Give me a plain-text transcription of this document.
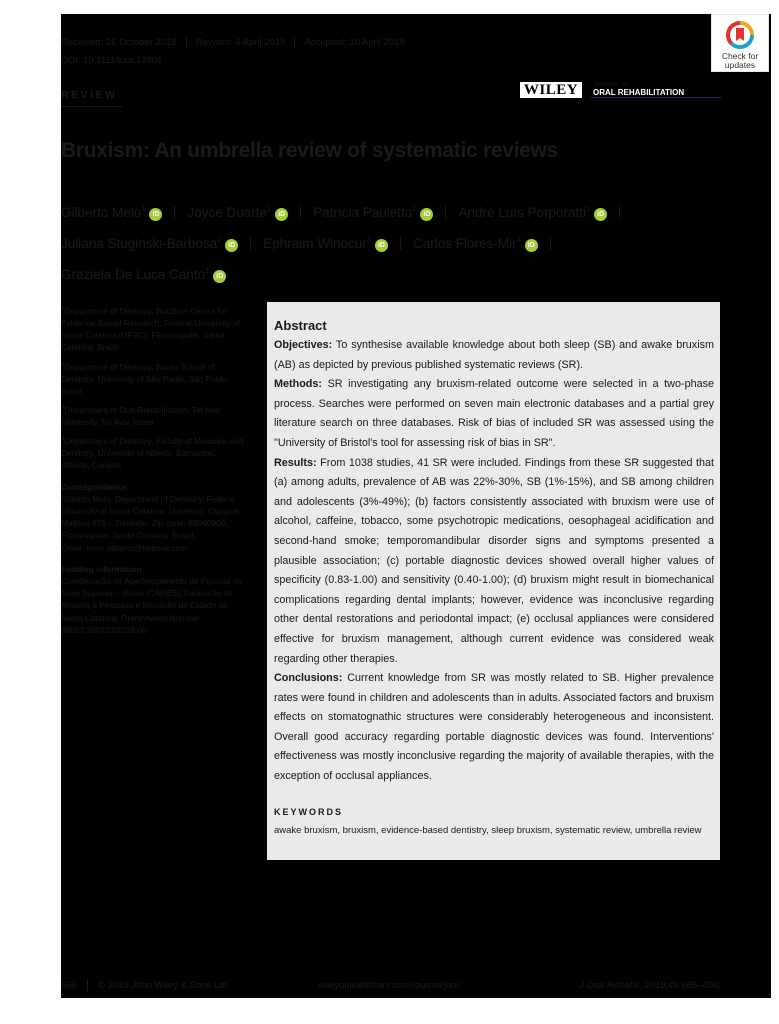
Received: 16 October 2018 Revised: 4 April 2019 Accepted: 10 April 2019
DOI: 10.1111/joor.12801
REVIEW	WILEY	JOURNAL OF
ORAL REHABILITATION
Bruxism: An umbrella review of systematic reviews
Gilberto Melo$^1$iD Joyce Duarte$^1$iD Patrícia Pauletto$^1$iD André Luís Porporatti$^1$iD
Juliana Stuginski-Barbosa$^2$iD Ephraim Winocur$^3$iD Carlos Flores-Mir$^4$iD
Graziela De Luca Canto$^1$iD

$^1$Department of Dentistry, Brazilian Centre for Evidence-Based Research, Federal University of Santa Catarina (UFSC), Florianópolis, Santa Catarina, Brazil

$^2$Department of Dentistry, Bauru School of Dentistry, University of São Paulo, São Paulo, Brazil

$^3$Department of Oral Rehabilitation, Tel Aviv University, Tel Aviv, Israel

$^4$Department of Dentistry, Faculty of Medicine and Dentistry, University of Alberta, Edmonton, Alberta, Canada

Correspondence

Gilberto Melo, Department of Dentistry, Federal University of Santa Catarina, University Campus, Malloox 476 – Trindade, Zip code: 88040900, Florianópolis, Santa Catarina, Brazil.

Email: melo.gilberto@hotmail.com

Funding information

Coordenação de Aperfeiçoamento de Pessoal de Nível Superior – Brasil (CAPES); Fundação de Amparo à Pesquisa e Inovação do Estado de Santa Catarina, Grant/Award Number: 88887.200723/2018-00

Abstract

Objectives: To synthesise available knowledge about both sleep (SB) and awake bruxism (AB) as depicted by previous published systematic reviews (SR).

Methods: SR investigating any bruxism-related outcome were selected in a two-phase process. Searches were performed on seven main electronic databases and a partial grey literature search on three databases. Risk of bias of included SR was assessed using the "University of Bristol's tool for assessing risk of bias in SR".

Results: From 1038 studies, 41 SR were included. Findings from these SR suggested that (a) among adults, prevalence of AB was 22%-30%, SB (1%-15%), and SB among children and adolescents (3%-49%); (b) factors consistently associated with bruxism were use of alcohol, caffeine, tobacco, some psychotropic medications, oesophageal acidification and second-hand smoke; temporomandibular disorder signs and symptoms presented a plausible association; (c) portable diagnostic devices showed overall higher values of specificity (0.83-1.00) and sensitivity (0.40-1.00); (d) bruxism might result in biomechanical complications regarding dental implants; however, evidence was inconclusive regarding other dental restorations and periodontal impact; (e) occlusal appliances were considered effective for bruxism management, although current evidence was considered weak regarding other therapies.

Conclusions: Current knowledge from SR was mostly related to SB. Higher prevalence rates were found in children and adolescents than in adults. Associated factors and bruxism effects on stomatognathic structures were considerably heterogeneous and inconsistent. Overall good accuracy regarding portable diagnostic devices was found. Interventions' effectiveness was mostly inconclusive regarding the majority of available therapies, with the exception of occlusal appliances.

KEYWORDS
awake bruxism, bruxism, evidence-based dentistry, sleep bruxism, systematic review, umbrella review
666 © 2019 John Wiley & Sons Ltd	wileyonlinelibrary.com/journal/joor	J Oral Rehabil. 2019;46:666–690.
Check for
updates
